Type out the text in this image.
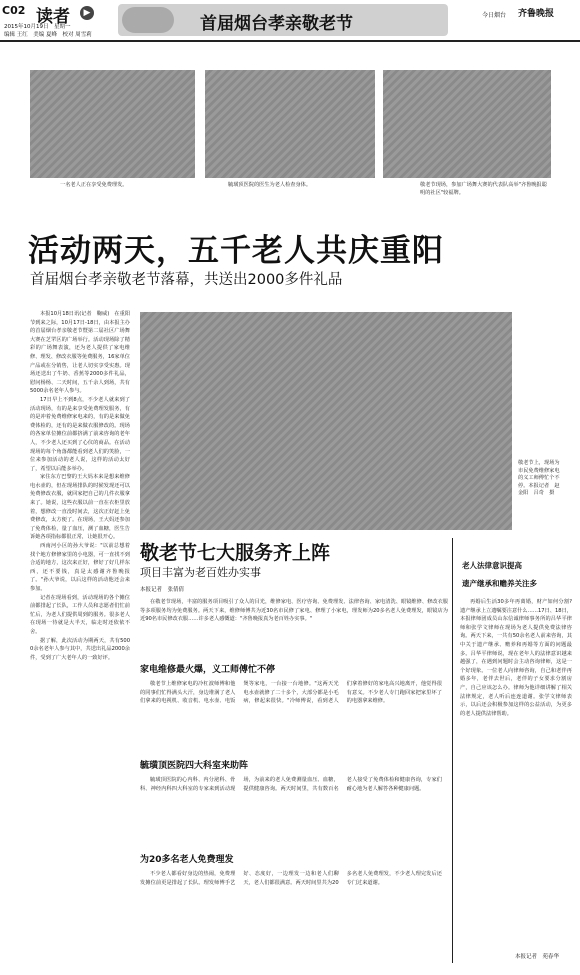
C02 读者	▶
2015年10月19日　星期一
编辑 王红　美编 夏峰　校对 周雪莉
首届烟台孝亲敬老节	今日烟台 齐鲁晚报
一名老人正在享受免费理发。	毓璜顶医院的医生为老人检查身体。	敬老节现场，参加广场舞大赛的代表队高举"齐鲁晚报聪明的社区"较福牌。
活动两天，五千老人共庆重阳
首届烟台孝亲敬老节落幕，共送出2000多件礼品

本报10月18日讯(记者　鞠威)　在重阳节到来之际，10月17日-18日，由本报主办的首届烟台孝亲敬老节暨第二届社区广场舞大赛在芝罘区的广场举行。活动现场除了精彩的广场舞表演，还为老人提供了家电维修、理发、修改衣服等免费服务，16家单位产品或在分销售，让老人切实享受实惠。现场还送出了牛奶、香蕉等2000多件礼品，慰问杨杨、二天时间，五千余人到场，共有5000余名老年人参与。

17日早上不到8点，不少老人就来到了活动现场，有的是来享受免费理发服务，有的是冲着免费维修家电来的，有的是来做免费体检的，还有的是来做衣服修改的。现场的各家单位摊位前都挤满了前来咨询的老年人，不少老人还买到了心仪的商品。在活动现场的每个角落都能看到老人们的笑脸，一位来参加活动的老人说，这样的活动太好了，希望以后能多举办。

家住东方巴黎的王大妈本来是想来维修电水壶的，但在现场排队的时候发现还可以免费修改衣服，就回家把自己的几件衣服拿来了。她说，这些衣服以前一直在衣柜里放着，想修改一直没时间去，这次正好赶上免费修改，太方便了。在现场，王大妈还参加了免费体检，量了血压，测了血糖，医生告诉她各项指标都很正常，让她很开心。

西南河小区的孙大爷说："以前总想着找个地方修修家里的小电器，可一直找不到合适的地方，这次来正好，修好了好几样东西，还不要钱，真是太感谢齐鲁晚报了。"孙大爷说，以后这样的活动他还会来参加。

记者在现场看到，活动现场的各个摊位前都排起了长队，工作人员和志愿者们忙前忙后，为老人们提供周到的服务。很多老人在现场一待就是大半天，临走时还依依不舍。

据了解，此次活动为期两天，共有5000余名老年人参与其中，共送出礼品2000余件，受到了广大老年人的一致好评。

敬老节上，现场为市民免费维修家电的义工师傅忙个不停。本报记者　赵金阳　吕奇　摄
敬老节七大服务齐上阵
项目丰富为老百姓办实事
本报记者　张倩倩
在敬老节现场，丰富的服务项目吸引了众人的目光，维修家电、医疗咨询、免费理发、法律咨询、家电清洗、眼镜维修、修改衣服等多项服务均为免费服务。两天下来，维修师傅共为近30名市民修了家电、修理了小家电，理发师为20多名老人免费理发，眼镜店为近90名市民修改衣服……许多老人感慨道："齐鲁晚报真为老百姓办实事。"
家电维修最火爆，义工师傅忙不停
敬老节上维修家电的冷杠波师傅和他的同事们忙得满头大汗，身边堆满了老人们拿来的电视机、收音机、电水壶、电饭煲等家电，一台接一台地修。"这两天光电水壶就修了二十多个，大部分都是小毛病，修起来很快。"冷师傅说，看到老人们拿着修好的家电高兴地离开，他觉得很有意义。不少老人专门跑回家把家里坏了的电器拿来维修。
毓璜顶医院四大科室来助阵
毓璜顶医院的心内科、内分泌科、骨科、神经内科四大科室的专家来到活动现场，为前来的老人免费测量血压、血糖，提供健康咨询。两天时间里，共有数百名老人接受了免费体检和健康咨询，专家们耐心地为老人解答各种健康问题。
为20多名老人免费理发
不少老人都看好身边的热闹，免费理发摊位前更是排起了长队。理发师傅手艺好、态度好，一边理发一边和老人们聊天，老人们都很满意。两天时间里共为20多名老人免费理发，不少老人理完发后还专门过来道谢。
老人法律意识提高
遗产继承和赡养关注多
再婚后生活30多年再离婚，财产如何分割?遗产继承上立遗嘱要注意什么……17日、18日，本报律师团成员山东信诚律师事务所的吕华平律师和张学文律师在现场为老人提供免费法律咨询。两天下来，一共有50余名老人前来咨询，其中关于遗产继承、赡养和再婚等方面的问题最多。吕华平律师说，现在老年人的法律意识越来越强了，在遇到问题时会主动咨询律师，这是一个好现象。一位老人向律师咨询，自己和老伴再婚多年，老伴去世后，老伴的子女要求分割房产，自己应该怎么办。律师为他详细讲解了相关法律规定，老人听后连连道谢。张学文律师表示，以后还会积极参加这样的公益活动，为更多的老人提供法律帮助。
本报记者　苑春华
